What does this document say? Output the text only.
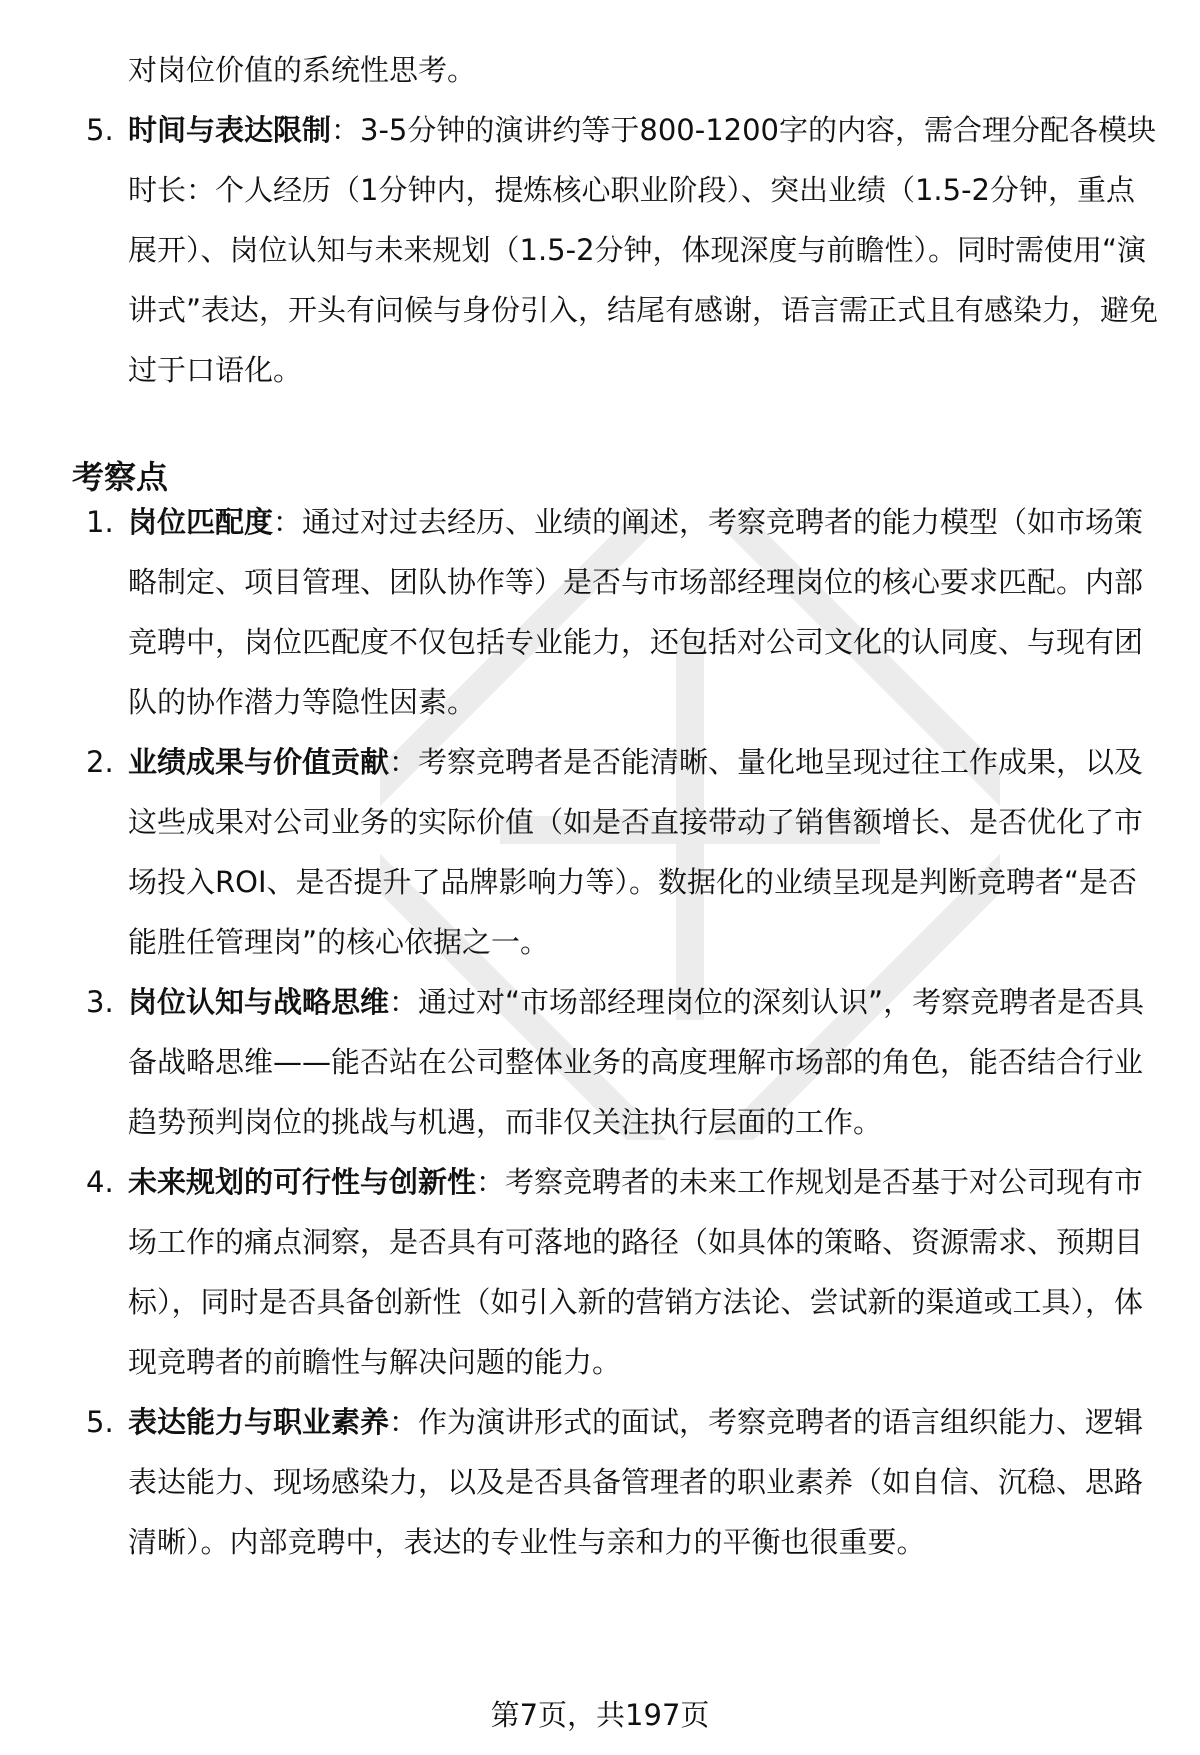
对岗位价值的系统性思考。

5. 时间与表达限制：3-5分钟的演讲约等于800-1200字的内容，需合理分配各模块时长：个人经历（1分钟内，提炼核心职业阶段）、突出业绩（1.5-2分钟，重点展开）、岗位认知与未来规划（1.5-2分钟，体现深度与前瞻性）。同时需使用“演讲式”表达，开头有问候与身份引入，结尾有感谢，语言需正式且有感染力，避免过于口语化。
考察点
1. 岗位匹配度：通过对过去经历、业绩的阐述，考察竞聘者的能力模型（如市场策略制定、项目管理、团队协作等）是否与市场部经理岗位的核心要求匹配。内部竞聘中，岗位匹配度不仅包括专业能力，还包括对公司文化的认同度、与现有团队的协作潜力等隐性因素。
2. 业绩成果与价值贡献：考察竞聘者是否能清晰、量化地呈现过往工作成果，以及这些成果对公司业务的实际价值（如是否直接带动了销售额增长、是否优化了市场投入ROI、是否提升了品牌影响力等）。数据化的业绩呈现是判断竞聘者“是否能胜任管理岗”的核心依据之一。
3. 岗位认知与战略思维：通过对“市场部经理岗位的深刻认识”，考察竞聘者是否具备战略思维——能否站在公司整体业务的高度理解市场部的角色，能否结合行业趋势预判岗位的挑战与机遇，而非仅关注执行层面的工作。
4. 未来规划的可行性与创新性：考察竞聘者的未来工作规划是否基于对公司现有市场工作的痛点洞察，是否具有可落地的路径（如具体的策略、资源需求、预期目标），同时是否具备创新性（如引入新的营销方法论、尝试新的渠道或工具），体现竞聘者的前瞻性与解决问题的能力。
5. 表达能力与职业素养：作为演讲形式的面试，考察竞聘者的语言组织能力、逻辑表达能力、现场感染力，以及是否具备管理者的职业素养（如自信、沉稳、思路清晰）。内部竞聘中，表达的专业性与亲和力的平衡也很重要。
第7页，共197页
